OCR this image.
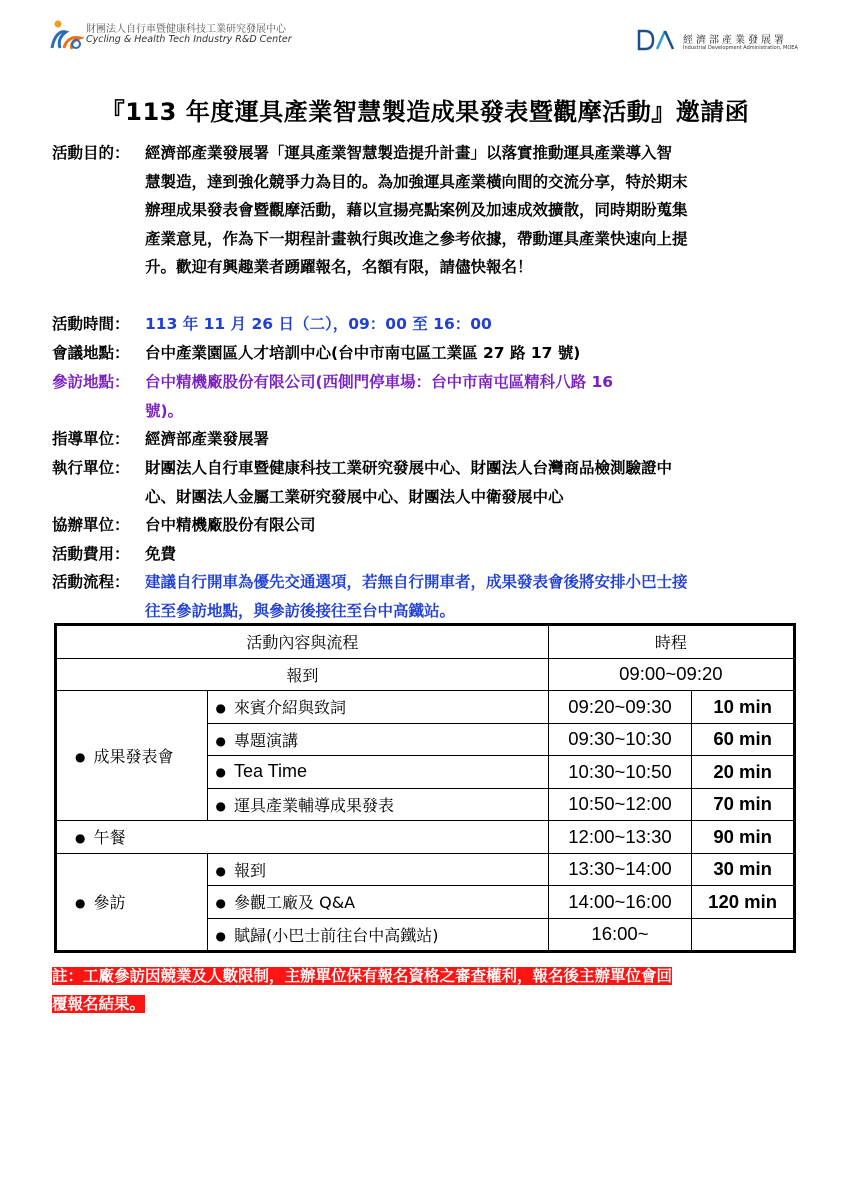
財團法人自行車暨健康科技工業研究發展中心
Cycling & Health Tech Industry R&D Center	經濟部產業發展署
Industrial Development Administration, MOEA
『113 年度運具產業智慧製造成果發表暨觀摩活動』邀請函
活動目的： 經濟部產業發展署「運具產業智慧製造提升計畫」以落實推動運具產業導入智
慧製造，達到強化競爭力為目的。為加強運具產業橫向間的交流分享，特於期末
辦理成果發表會暨觀摩活動，藉以宣揚亮點案例及加速成效擴散，同時期盼蒐集
產業意見，作為下一期程計畫執行與改進之參考依據，帶動運具產業快速向上提
升。歡迎有興趣業者踴躍報名，名額有限，請儘快報名！
活動時間： 113 年 11 月 26 日（二），09：00 至 16：00
會議地點： 台中產業園區人才培訓中心(台中市南屯區工業區 27 路 17 號)
參訪地點： 台中精機廠股份有限公司(西側門停車場：台中市南屯區精科八路 16
號)。
指導單位： 經濟部產業發展署
執行單位： 財團法人自行車暨健康科技工業研究發展中心、財團法人台灣商品檢測驗證中
心、財團法人金屬工業研究發展中心、財團法人中衛發展中心
協辦單位： 台中精機廠股份有限公司
活動費用： 免費
活動流程： 建議自行開車為優先交通選項，若無自行開車者，成果發表會後將安排小巴士接
往至參訪地點，與參訪後接往至台中高鐵站。
活動內容與流程		時程	
報到		09:00~09:20	
● 成果發表會	● 來賓介紹與致詞	09:20~09:30	10 min
	● 專題演講	09:30~10:30	60 min
	● Tea Time	10:30~10:50	20 min
	● 運具產業輔導成果發表	10:50~12:00	70 min
● 午餐		12:00~13:30	90 min
● 參訪	● 報到	13:30~14:00	30 min
	● 參觀工廠及 Q&A	14:00~16:00	120 min
	● 賦歸(小巴士前往台中高鐵站)	16:00~	
註：工廠參訪因競業及人數限制，主辦單位保有報名資格之審查權利，報名後主辦單位會回
覆報名結果。
